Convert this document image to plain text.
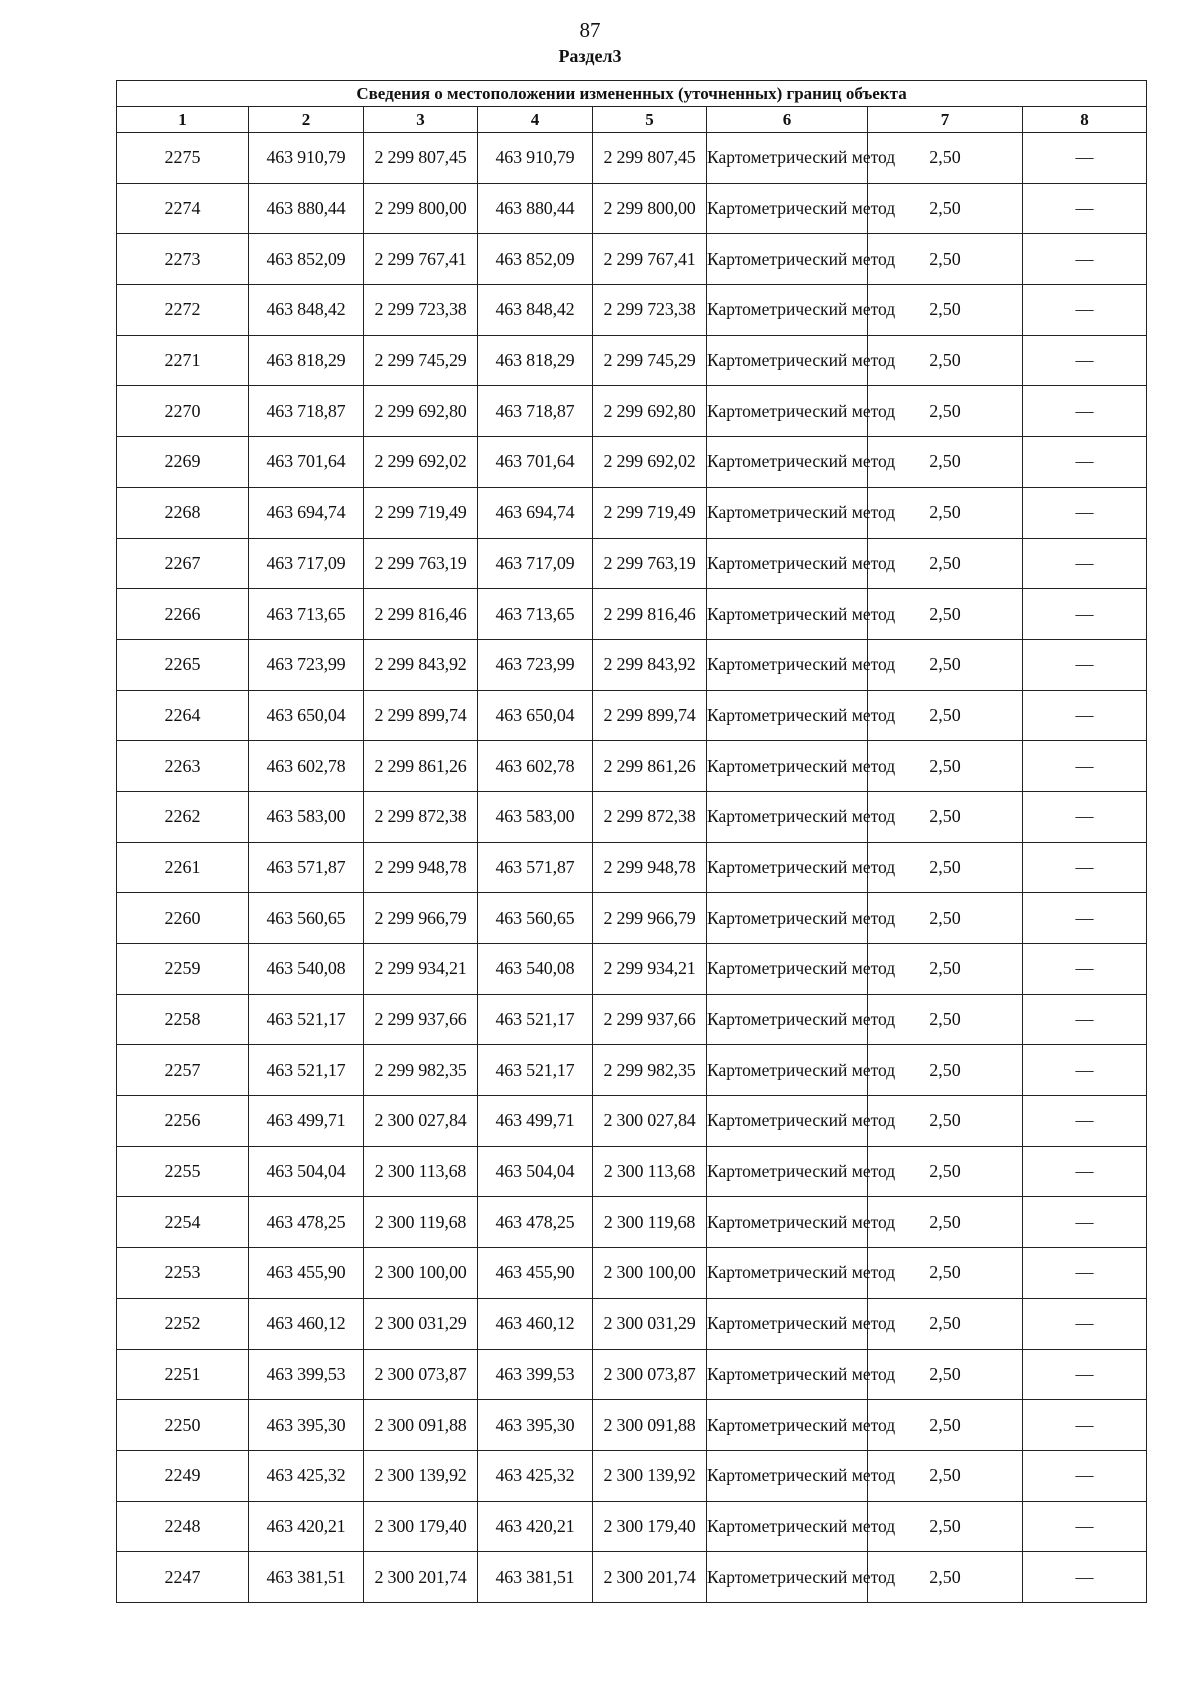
87
Раздел3
Сведения о местоположении измененных (уточненных) границ объекта							
1	2	3	4	5	6	7	8
2275	463 910,79	2 299 807,45	463 910,79	2 299 807,45	Картометрический метод	2,50	—
2274	463 880,44	2 299 800,00	463 880,44	2 299 800,00	Картометрический метод	2,50	—
2273	463 852,09	2 299 767,41	463 852,09	2 299 767,41	Картометрический метод	2,50	—
2272	463 848,42	2 299 723,38	463 848,42	2 299 723,38	Картометрический метод	2,50	—
2271	463 818,29	2 299 745,29	463 818,29	2 299 745,29	Картометрический метод	2,50	—
2270	463 718,87	2 299 692,80	463 718,87	2 299 692,80	Картометрический метод	2,50	—
2269	463 701,64	2 299 692,02	463 701,64	2 299 692,02	Картометрический метод	2,50	—
2268	463 694,74	2 299 719,49	463 694,74	2 299 719,49	Картометрический метод	2,50	—
2267	463 717,09	2 299 763,19	463 717,09	2 299 763,19	Картометрический метод	2,50	—
2266	463 713,65	2 299 816,46	463 713,65	2 299 816,46	Картометрический метод	2,50	—
2265	463 723,99	2 299 843,92	463 723,99	2 299 843,92	Картометрический метод	2,50	—
2264	463 650,04	2 299 899,74	463 650,04	2 299 899,74	Картометрический метод	2,50	—
2263	463 602,78	2 299 861,26	463 602,78	2 299 861,26	Картометрический метод	2,50	—
2262	463 583,00	2 299 872,38	463 583,00	2 299 872,38	Картометрический метод	2,50	—
2261	463 571,87	2 299 948,78	463 571,87	2 299 948,78	Картометрический метод	2,50	—
2260	463 560,65	2 299 966,79	463 560,65	2 299 966,79	Картометрический метод	2,50	—
2259	463 540,08	2 299 934,21	463 540,08	2 299 934,21	Картометрический метод	2,50	—
2258	463 521,17	2 299 937,66	463 521,17	2 299 937,66	Картометрический метод	2,50	—
2257	463 521,17	2 299 982,35	463 521,17	2 299 982,35	Картометрический метод	2,50	—
2256	463 499,71	2 300 027,84	463 499,71	2 300 027,84	Картометрический метод	2,50	—
2255	463 504,04	2 300 113,68	463 504,04	2 300 113,68	Картометрический метод	2,50	—
2254	463 478,25	2 300 119,68	463 478,25	2 300 119,68	Картометрический метод	2,50	—
2253	463 455,90	2 300 100,00	463 455,90	2 300 100,00	Картометрический метод	2,50	—
2252	463 460,12	2 300 031,29	463 460,12	2 300 031,29	Картометрический метод	2,50	—
2251	463 399,53	2 300 073,87	463 399,53	2 300 073,87	Картометрический метод	2,50	—
2250	463 395,30	2 300 091,88	463 395,30	2 300 091,88	Картометрический метод	2,50	—
2249	463 425,32	2 300 139,92	463 425,32	2 300 139,92	Картометрический метод	2,50	—
2248	463 420,21	2 300 179,40	463 420,21	2 300 179,40	Картометрический метод	2,50	—
2247	463 381,51	2 300 201,74	463 381,51	2 300 201,74	Картометрический метод	2,50	—
